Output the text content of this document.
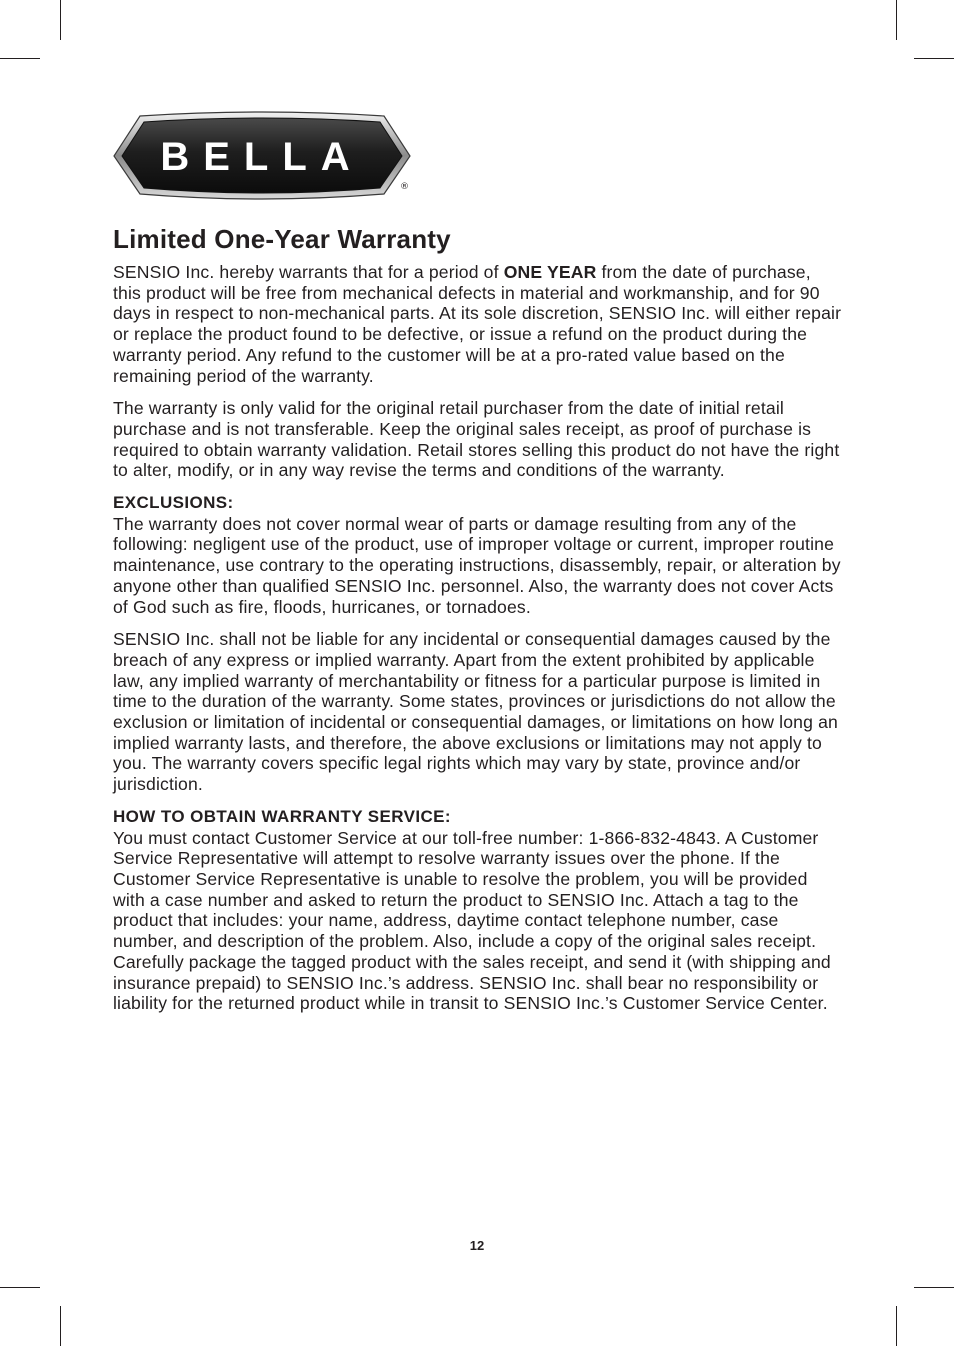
BELLA
®
Limited One-Year Warranty

SENSIO Inc. hereby warrants that for a period of ONE YEAR from the date of purchase, this product will be free from mechanical defects in material and workmanship, and for 90 days in respect to non-mechanical parts. At its sole discretion, SENSIO Inc. will either repair or replace the product found to be defective, or issue a refund on the product during the warranty period. Any refund to the customer will be at a pro-rated value based on the remaining period of the warranty.

The warranty is only valid for the original retail purchaser from the date of initial retail purchase and is not transferable. Keep the original sales receipt, as proof of purchase is required to obtain warranty validation. Retail stores selling this product do not have the right to alter, modify, or in any way revise the terms and conditions of the warranty.

EXCLUSIONS:

The warranty does not cover normal wear of parts or damage resulting from any of the following: negligent use of the product, use of improper voltage or current, improper routine maintenance, use contrary to the operating instructions, disassembly, repair, or alteration by anyone other than qualified SENSIO Inc. personnel. Also, the warranty does not cover Acts of God such as fire, floods, hurricanes, or tornadoes.

SENSIO Inc. shall not be liable for any incidental or consequential damages caused by the breach of any express or implied warranty. Apart from the extent prohibited by applicable law, any implied warranty of merchantability or fitness for a particular purpose is limited in time to the duration of the warranty. Some states, provinces or jurisdictions do not allow the exclusion or limitation of incidental or consequential damages, or limitations on how long an implied warranty lasts, and therefore, the above exclusions or limitations may not apply to you. The warranty covers specific legal rights which may vary by state, province and/or jurisdiction.

HOW TO OBTAIN WARRANTY SERVICE:

You must contact Customer Service at our toll-free number: 1-866-832-4843. A Customer Service Representative will attempt to resolve warranty issues over the phone. If the Customer Service Representative is unable to resolve the problem, you will be provided with a case number and asked to return the product to SENSIO Inc. Attach a tag to the product that includes: your name, address, daytime contact telephone number, case number, and description of the problem. Also, include a copy of the original sales receipt. Carefully package the tagged product with the sales receipt, and send it (with shipping and insurance prepaid) to SENSIO Inc.’s address. SENSIO Inc. shall bear no responsibility or liability for the returned product while in transit to SENSIO Inc.’s Customer Service Center.

12
